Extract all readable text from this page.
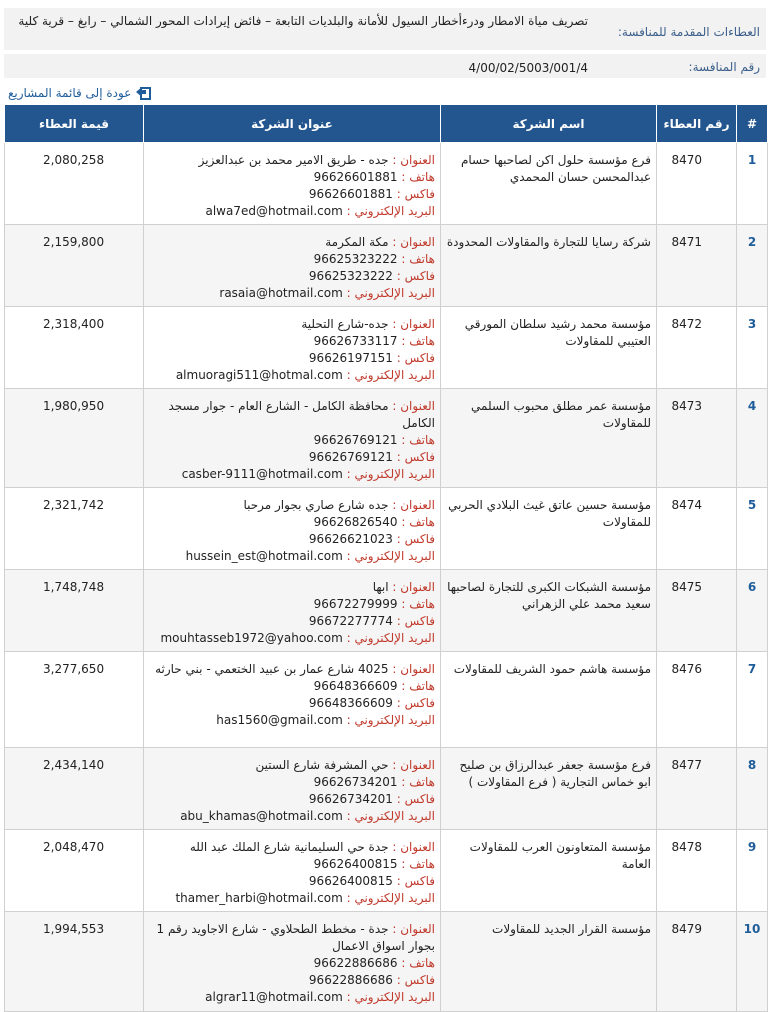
العطاءات المقدمة للمنافسة:
تصريف مياة الامطار ودرءأخطار السيول للأمانة والبلديات التابعة – فائض إيرادات المحور الشمالي – رابغ – قرية كلية
رقم المنافسة:
4/00/02/5003/001/4
عودة إلى قائمة المشاريع
#	رقم العطاء	اسم الشركة	عنوان الشركة	قيمة العطاء
1	8470	فرع مؤسسة حلول اكن لصاحبها حسام عبدالمحسن حسان المحمدي	العنوان : جده - طريق الامير محمد بن عبدالعزيز
هاتف : 96626601881
فاكس : 96626601881
البريد الإلكتروني : alwa7ed@hotmail.com	2,080,258
2	8471	شركة رسايا للتجارة والمقاولات المحدودة	العنوان : مكة المكرمة
هاتف : 96625323222
فاكس : 96625323222
البريد الإلكتروني : rasaia@hotmail.com	2,159,800
3	8472	مؤسسة محمد رشيد سلطان المورقي العتيبي للمقاولات	العنوان : جده-شارع التحلية
هاتف : 96626733117
فاكس : 96626197151
البريد الإلكتروني : almuoragi511@hotmal.com	2,318,400
4	8473	مؤسسة عمر مطلق محبوب السلمي للمقاولات	العنوان : محافظة الكامل - الشارع العام - جوار مسجد الكامل
هاتف : 96626769121
فاكس : 96626769121
البريد الإلكتروني : casber-9111@hotmail.com	1,980,950
5	8474	مؤسسة حسين عاتق غيث البلادي الحربي للمقاولات	العنوان : جده شارع صاري بجوار مرحبا
هاتف : 96626826540
فاكس : 96626621023
البريد الإلكتروني : hussein_est@hotmail.com	2,321,742
6	8475	مؤسسة الشبكات الكبرى للتجارة لصاحبها سعيد محمد علي الزهراني	العنوان : ابها
هاتف : 96672279999
فاكس : 96672277774
البريد الإلكتروني : mouhtasseb1972@yahoo.com	1,748,748
7	8476	مؤسسة هاشم حمود الشريف للمقاولات	العنوان : 4025 شارع عمار بن عبيد الختعمي - بني حارثه
هاتف : 96648366609
فاكس : 96648366609
البريد الإلكتروني : has1560@gmail.com	3,277,650
8	8477	فرع مؤسسة جعفر عبدالرزاق بن صليح ابو خماس التجارية ( فرع المقاولات )	العنوان : حي المشرفة شارع الستين
هاتف : 96626734201
فاكس : 96626734201
البريد الإلكتروني : abu_khamas@hotmail.com	2,434,140
9	8478	مؤسسة المتعاونون العرب للمقاولات العامة	العنوان : جدة حي السليمانية شارع الملك عبد الله
هاتف : 96626400815
فاكس : 96626400815
البريد الإلكتروني : thamer_harbi@hotmail.com	2,048,470
10	8479	مؤسسة القرار الجديد للمقاولات	العنوان : جدة - مخطط الطحلاوي - شارع الاجاويد رقم 1 بجوار اسواق الاعمال
هاتف : 96622886686
فاكس : 96622886686
البريد الإلكتروني : algrar11@hotmail.com	1,994,553
